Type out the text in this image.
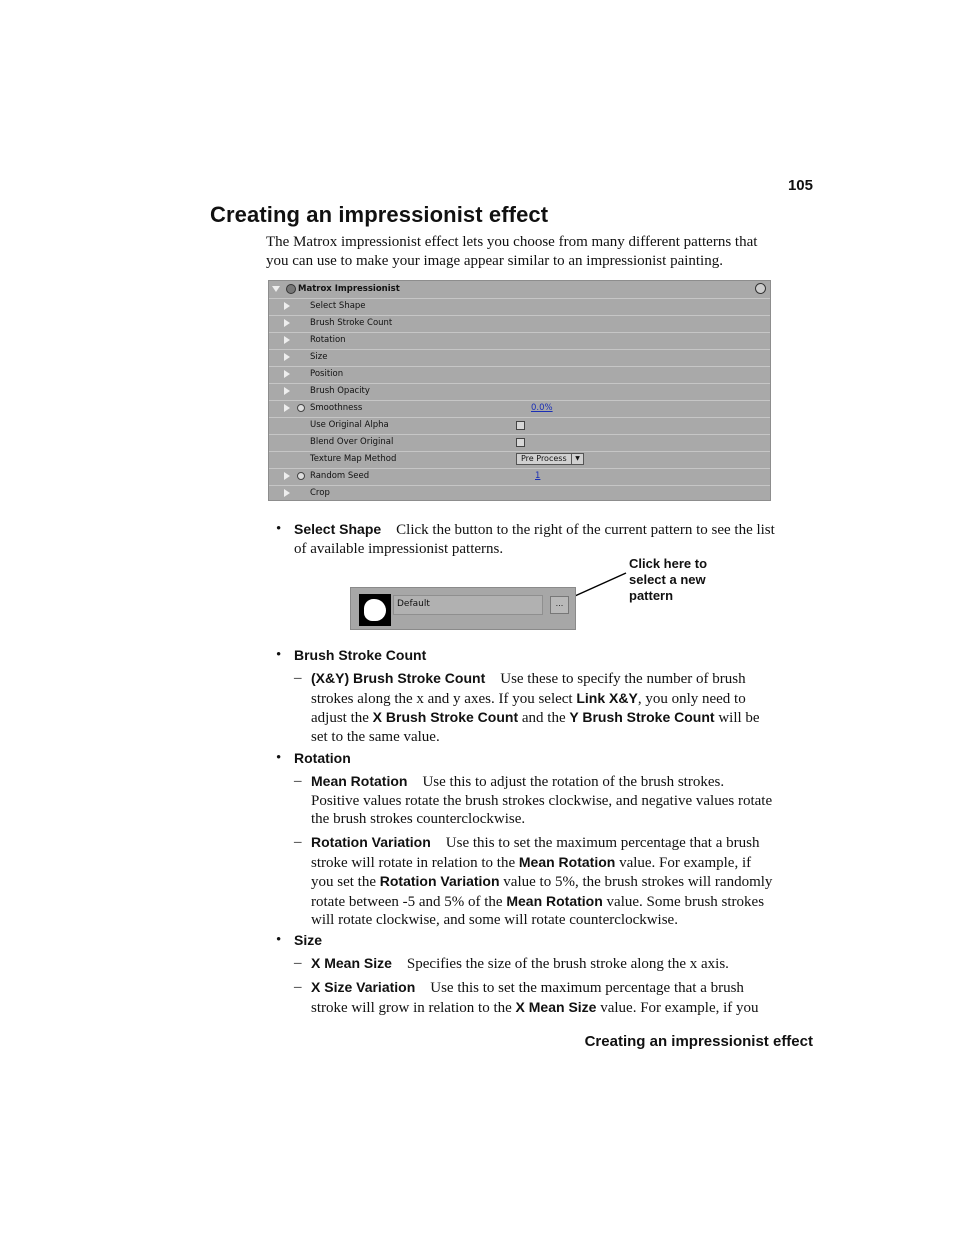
105
Creating an impressionist effect

The Matrox impressionist effect lets you choose from many different patterns that you can use to make your image appear similar to an impressionist painting.

Matrox Impressionist
Select Shape
Brush Stroke Count
Rotation
Size
Position
Brush Opacity
Smoothness	0.0%
Use Original Alpha
Blend Over Original
Texture Map Method	Pre Process	▼
Random Seed	1
Crop
• Select Shape Click the button to the right of the current pattern to see the list of available impressionist patterns.
Click here to select a new pattern
Default	...
• Brush Stroke Count
– (X&Y) Brush Stroke Count Use these to specify the number of brush strokes along the x and y axes. If you select Link X&Y, you only need to adjust the X Brush Stroke Count and the Y Brush Stroke Count will be set to the same value.
• Rotation
– Mean Rotation Use this to adjust the rotation of the brush strokes. Positive values rotate the brush strokes clockwise, and negative values rotate the brush strokes counterclockwise.
– Rotation Variation Use this to set the maximum percentage that a brush stroke will rotate in relation to the Mean Rotation value. For example, if you set the Rotation Variation value to 5%, the brush strokes will randomly rotate between -5 and 5% of the Mean Rotation value. Some brush strokes will rotate clockwise, and some will rotate counterclockwise.
• Size
– X Mean Size Specifies the size of the brush stroke along the x axis.
– X Size Variation Use this to set the maximum percentage that a brush stroke will grow in relation to the X Mean Size value. For example, if you
Creating an impressionist effect
